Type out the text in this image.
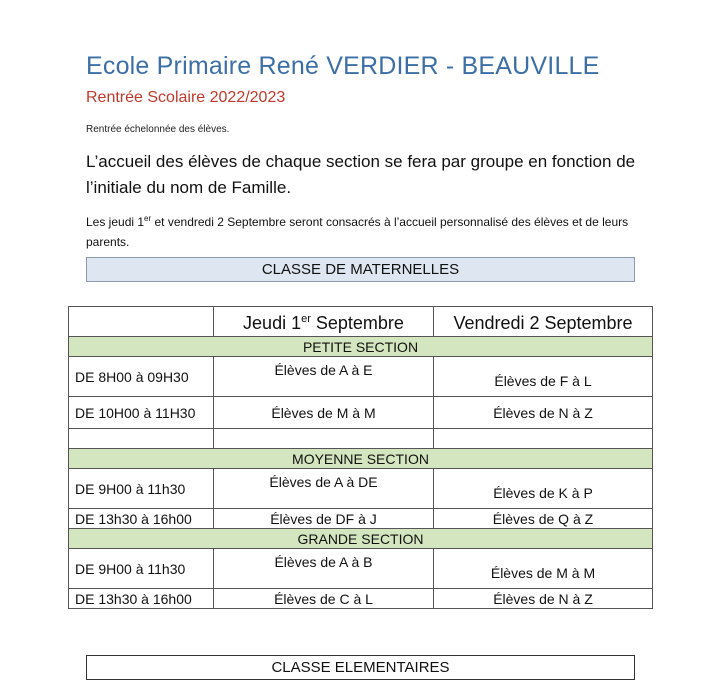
Ecole Primaire René VERDIER - BEAUVILLE
Rentrée Scolaire 2022/2023
Rentrée échelonnée des élèves.
L’accueil des élèves de chaque section se fera par groupe en fonction de l’initiale du nom de Famille.
Les jeudi 1er et vendredi 2 Septembre seront consacrés à l’accueil personnalisé des élèves et de leurs parents.
CLASSE DE MATERNELLES
	Jeudi 1er Septembre	Vendredi 2 Septembre
PETITE SECTION		
DE 8H00 à 09H30	Élèves de A à E	Élèves de F à L
DE 10H00 à 11H30	Élèves de M à M	Élèves de N à Z

MOYENNE SECTION		
DE 9H00 à 11h30	Élèves de A à DE	Élèves de K à P
DE 13h30 à 16h00	Élèves de DF à J	Élèves de Q à Z
GRANDE SECTION		
DE 9H00 à 11h30	Élèves de A à B	Élèves de M à M
DE 13h30 à 16h00	Élèves de C à L	Élèves de N à Z
CLASSE ELEMENTAIRES
